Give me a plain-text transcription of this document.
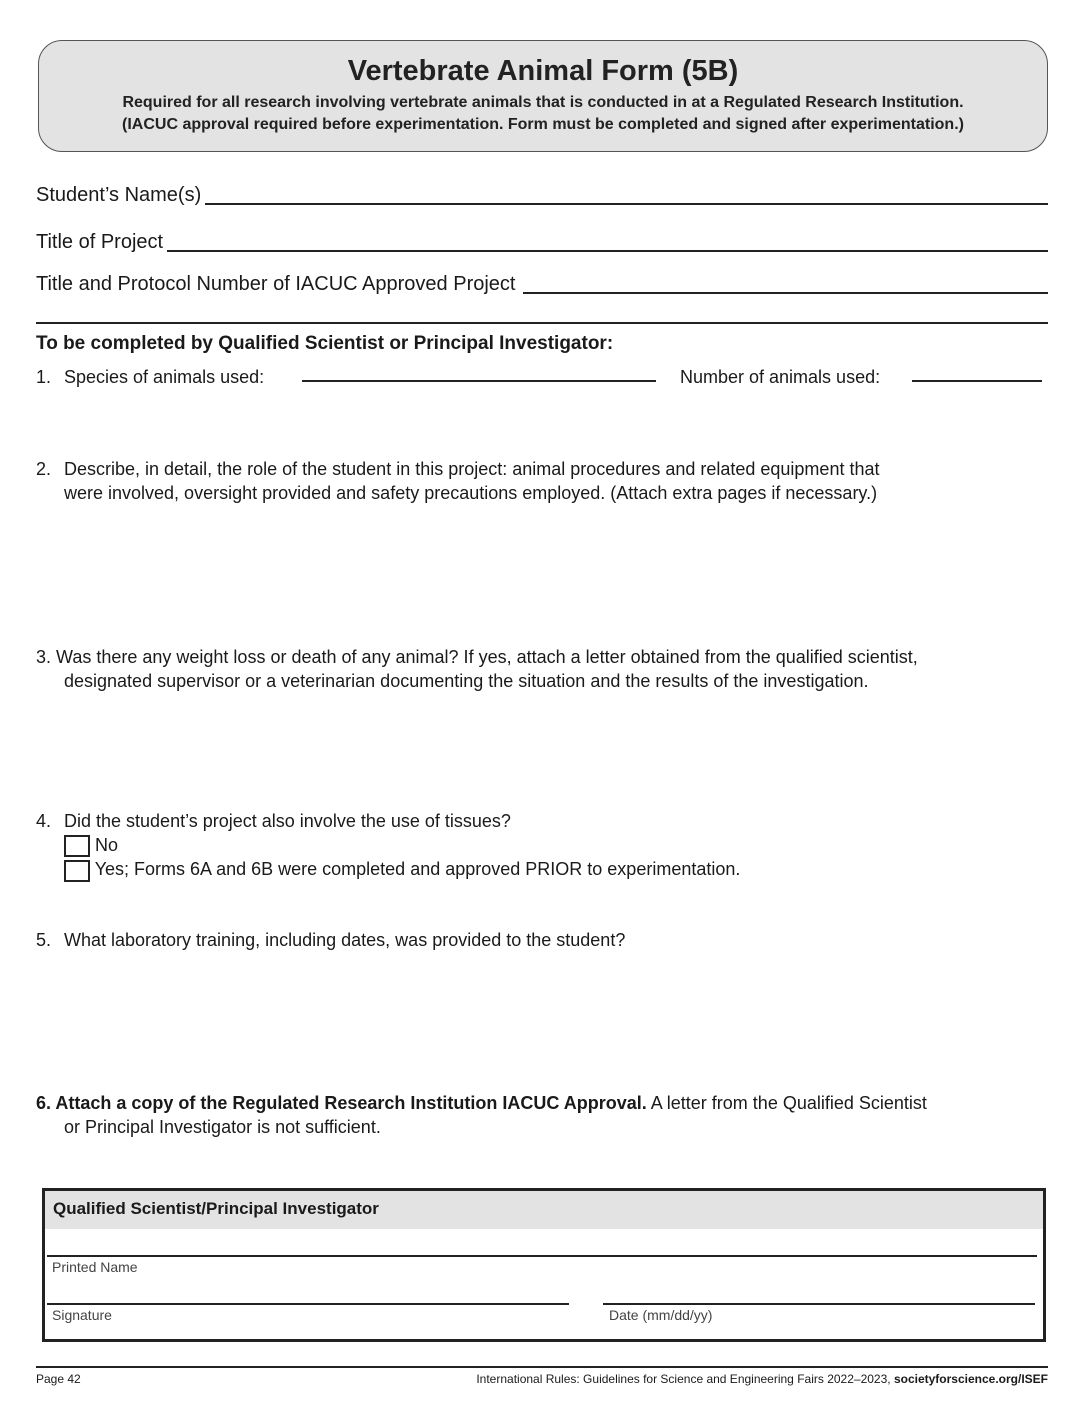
Vertebrate Animal Form (5B)
Required for all research involving vertebrate animals that is conducted in at a Regulated Research Institution.
(IACUC approval required before experimentation. Form must be completed and signed after experimentation.)
Student’s Name(s)
Title of Project
Title and Protocol Number of IACUC Approved Project
To be completed by Qualified Scientist or Principal Investigator:
1. Species of animals used:	Number of animals used:
2. Describe, in detail, the role of the student in this project: animal procedures and related equipment that
were involved, oversight provided and safety precautions employed. (Attach extra pages if necessary.)
3. Was there any weight loss or death of any animal? If yes, attach a letter obtained from the qualified scientist,
designated supervisor or a veterinarian documenting the situation and the results of the investigation.
4. Did the student’s project also involve the use of tissues?
No
Yes; Forms 6A and 6B were completed and approved PRIOR to experimentation.
5. What laboratory training, including dates, was provided to the student?
6. Attach a copy of the Regulated Research Institution IACUC Approval. A letter from the Qualified Scientist
or Principal Investigator is not sufficient.
Qualified Scientist/Principal Investigator
Printed Name
Signature	Date (mm/dd/yy)
Page 42	International Rules: Guidelines for Science and Engineering Fairs 2022–2023, societyforscience.org/ISEF
